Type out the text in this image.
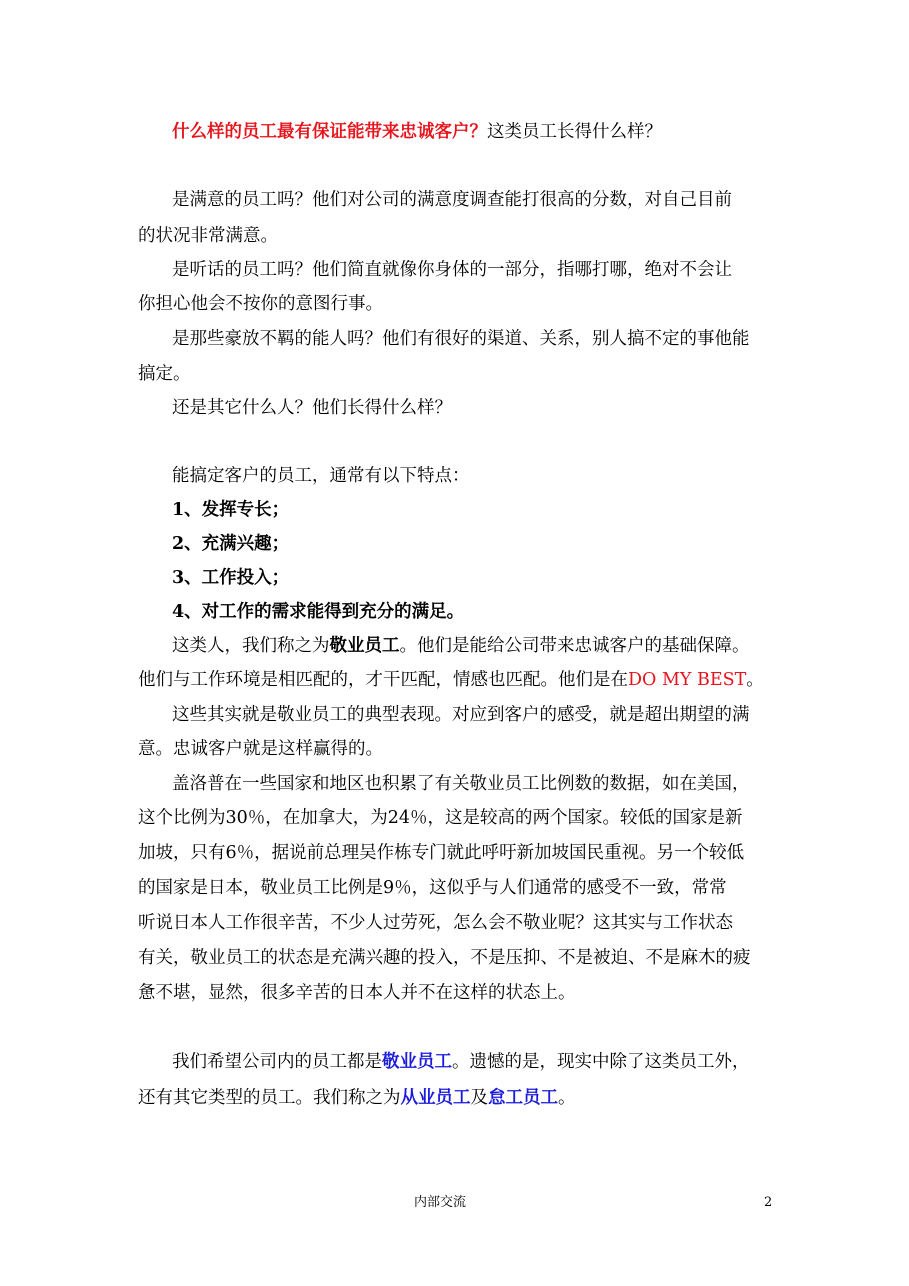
什么样的员工最有保证能带来忠诚客户？这类员工长得什么样？
是满意的员工吗？他们对公司的满意度调查能打很高的分数，对自己目前
的状况非常满意。
是听话的员工吗？他们简直就像你身体的一部分，指哪打哪，绝对不会让
你担心他会不按你的意图行事。
是那些豪放不羁的能人吗？他们有很好的渠道、关系，别人搞不定的事他能
搞定。
还是其它什么人？他们长得什么样？
能搞定客户的员工，通常有以下特点：
1、发挥专长；
2、充满兴趣；
3、工作投入；
4、对工作的需求能得到充分的满足。
这类人，我们称之为敬业员工。他们是能给公司带来忠诚客户的基础保障。
他们与工作环境是相匹配的，才干匹配，情感也匹配。他们是在DO MY BEST。
这些其实就是敬业员工的典型表现。对应到客户的感受，就是超出期望的满
意。忠诚客户就是这样赢得的。
盖洛普在一些国家和地区也积累了有关敬业员工比例数的数据，如在美国，
这个比例为30％，在加拿大，为24％，这是较高的两个国家。较低的国家是新
加坡，只有6％，据说前总理吴作栋专门就此呼吁新加坡国民重视。另一个较低
的国家是日本，敬业员工比例是9％，这似乎与人们通常的感受不一致，常常
听说日本人工作很辛苦，不少人过劳死，怎么会不敬业呢？这其实与工作状态
有关，敬业员工的状态是充满兴趣的投入，不是压抑、不是被迫、不是麻木的疲
惫不堪，显然，很多辛苦的日本人并不在这样的状态上。
我们希望公司内的员工都是敬业员工。遗憾的是，现实中除了这类员工外，
还有其它类型的员工。我们称之为从业员工及怠工员工。
内部交流	2
